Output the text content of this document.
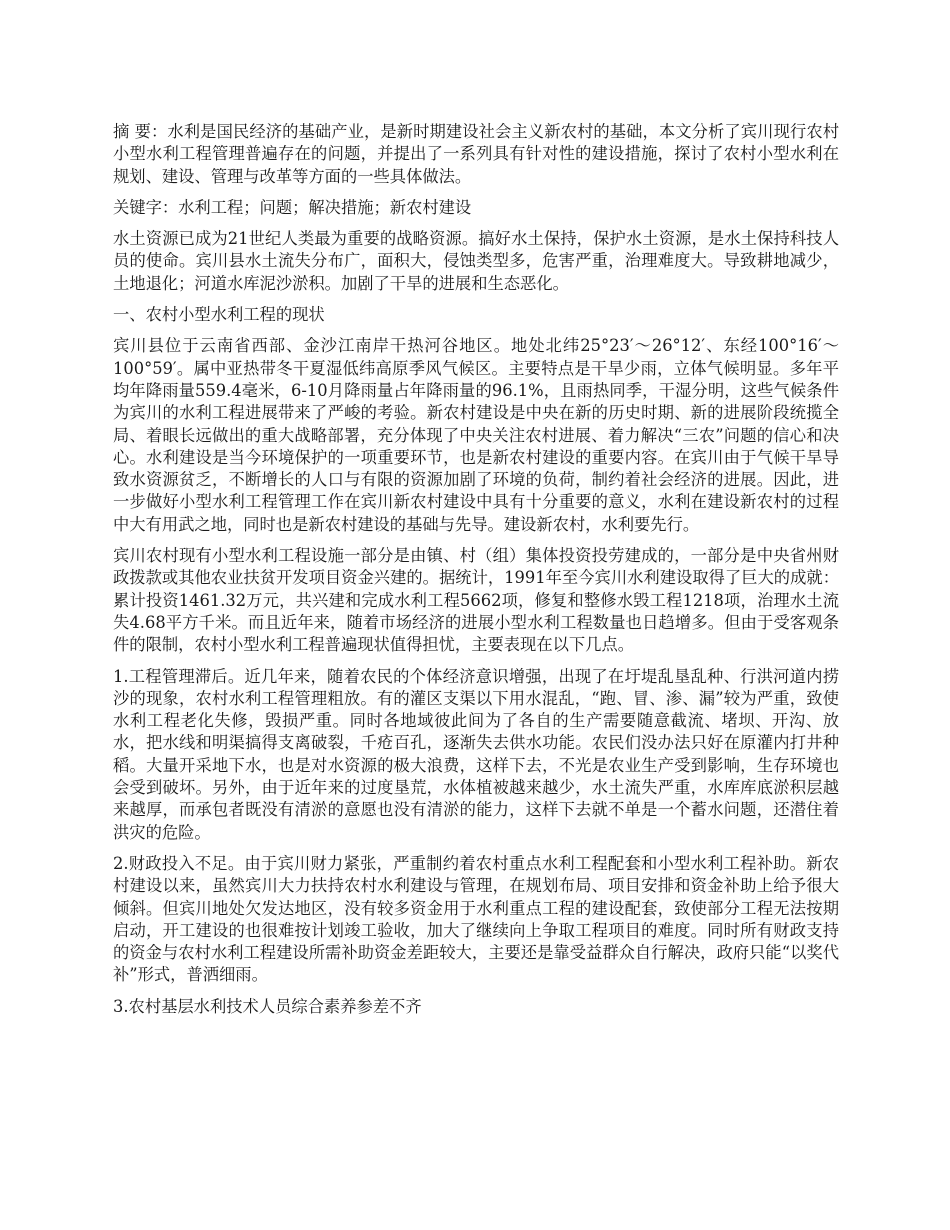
摘 要：水利是国民经济的基础产业，是新时期建设社会主义新农村的基础，本文分析了宾川现行农村小型水利工程管理普遍存在的问题，并提出了一系列具有针对性的建设措施，探讨了农村小型水利在规划、建设、管理与改革等方面的一些具体做法。

关键字：水利工程；问题；解决措施；新农村建设

水土资源已成为21世纪人类最为重要的战略资源。搞好水土保持，保护水土资源，是水土保持科技人员的使命。宾川县水土流失分布广，面积大，侵蚀类型多，危害严重，治理难度大。导致耕地减少，土地退化；河道水库泥沙淤积。加剧了干旱的进展和生态恶化。

一、农村小型水利工程的现状

宾川县位于云南省西部、金沙江南岸干热河谷地区。地处北纬25°23′～26°12′、东经100°16′～100°59′。属中亚热带冬干夏湿低纬高原季风气候区。主要特点是干旱少雨，立体气候明显。多年平均年降雨量559.4毫米，6-10月降雨量占年降雨量的96.1%，且雨热同季，干湿分明，这些气候条件为宾川的水利工程进展带来了严峻的考验。新农村建设是中央在新的历史时期、新的进展阶段统揽全局、着眼长远做出的重大战略部署，充分体现了中央关注农村进展、着力解决“三农”问题的信心和决心。水利建设是当今环境保护的一项重要环节，也是新农村建设的重要内容。在宾川由于气候干旱导致水资源贫乏，不断增长的人口与有限的资源加剧了环境的负荷，制约着社会经济的进展。因此，进一步做好小型水利工程管理工作在宾川新农村建设中具有十分重要的意义，水利在建设新农村的过程中大有用武之地，同时也是新农村建设的基础与先导。建设新农村，水利要先行。

宾川农村现有小型水利工程设施一部分是由镇、村（组）集体投资投劳建成的，一部分是中央省州财政拨款或其他农业扶贫开发项目资金兴建的。据统计，1991年至今宾川水利建设取得了巨大的成就：累计投资1461.32万元，共兴建和完成水利工程5662项，修复和整修水毁工程1218项，治理水土流失4.68平方千米。而且近年来，随着市场经济的进展小型水利工程数量也日趋增多。但由于受客观条件的限制，农村小型水利工程普遍现状值得担忧，主要表现在以下几点。

1.工程管理滞后。近几年来，随着农民的个体经济意识增强，出现了在圩堤乱垦乱种、行洪河道内捞沙的现象，农村水利工程管理粗放。有的灌区支渠以下用水混乱，“跑、冒、渗、漏”较为严重，致使水利工程老化失修，毁损严重。同时各地域彼此间为了各自的生产需要随意截流、堵坝、开沟、放水，把水线和明渠搞得支离破裂，千疮百孔，逐渐失去供水功能。农民们没办法只好在原灌内打井种稻。大量开采地下水，也是对水资源的极大浪费，这样下去，不光是农业生产受到影响，生存环境也会受到破坏。另外，由于近年来的过度垦荒，水体植被越来越少，水土流失严重，水库库底淤积层越来越厚，而承包者既没有清淤的意愿也没有清淤的能力，这样下去就不单是一个蓄水问题，还潜住着洪灾的危险。

2.财政投入不足。由于宾川财力紧张，严重制约着农村重点水利工程配套和小型水利工程补助。新农村建设以来，虽然宾川大力扶持农村水利建设与管理，在规划布局、项目安排和资金补助上给予很大倾斜。但宾川地处欠发达地区，没有较多资金用于水利重点工程的建设配套，致使部分工程无法按期启动，开工建设的也很难按计划竣工验收，加大了继续向上争取工程项目的难度。同时所有财政支持的资金与农村水利工程建设所需补助资金差距较大，主要还是靠受益群众自行解决，政府只能“以奖代补”形式，普洒细雨。

3.农村基层水利技术人员综合素养参差不齐
